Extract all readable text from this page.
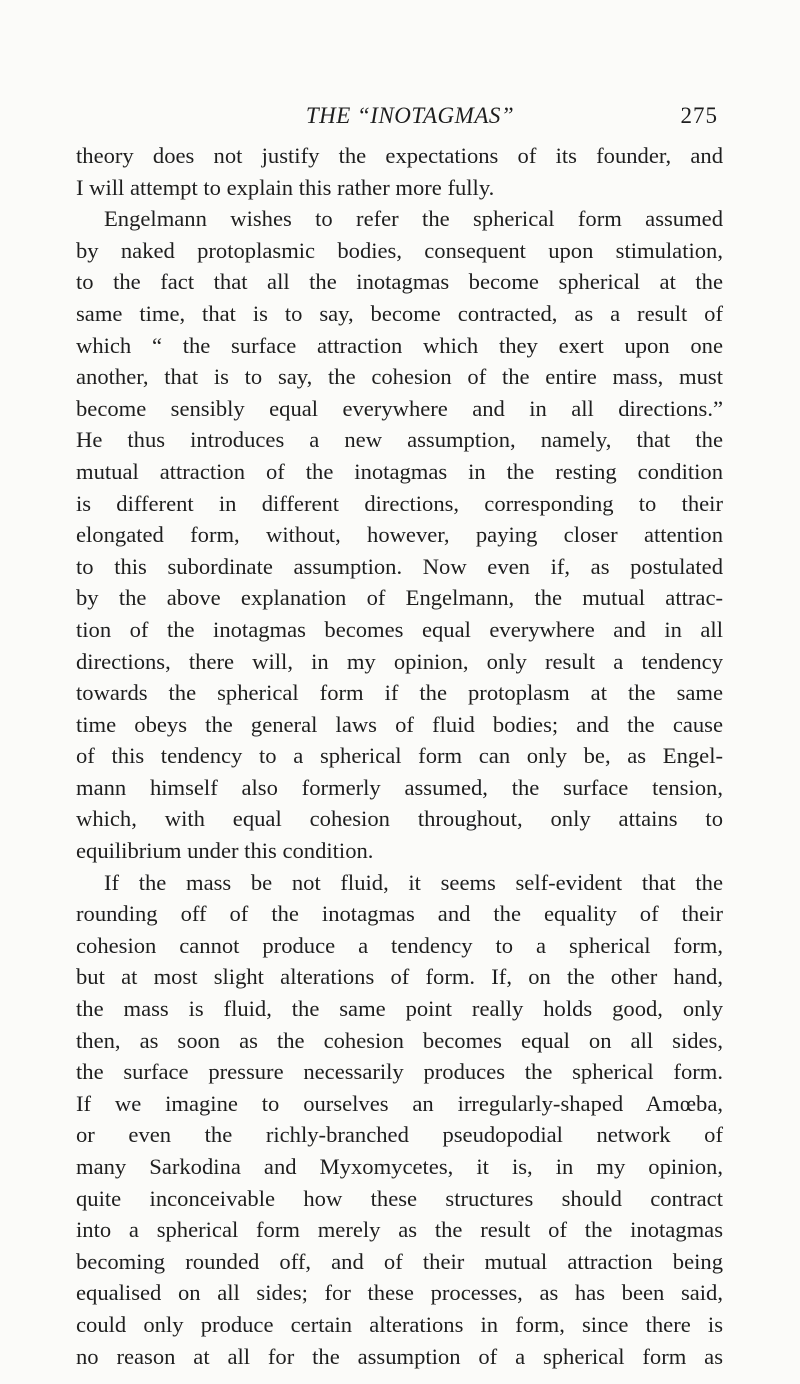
THE “INOTAGMAS”	275
theory does not justify the expectations of its founder, and
I will attempt to explain this rather more fully.
Engelmann wishes to refer the spherical form assumed
by naked protoplasmic bodies, consequent upon stimulation,
to the fact that all the inotagmas become spherical at the
same time, that is to say, become contracted, as a result of
which “ the surface attraction which they exert upon one
another, that is to say, the cohesion of the entire mass, must
become sensibly equal everywhere and in all directions.”
He thus introduces a new assumption, namely, that the
mutual attraction of the inotagmas in the resting condition
is different in different directions, corresponding to their
elongated form, without, however, paying closer attention
to this subordinate assumption. Now even if, as postulated
by the above explanation of Engelmann, the mutual attrac-
tion of the inotagmas becomes equal everywhere and in all
directions, there will, in my opinion, only result a tendency
towards the spherical form if the protoplasm at the same
time obeys the general laws of fluid bodies; and the cause
of this tendency to a spherical form can only be, as Engel-
mann himself also formerly assumed, the surface tension,
which, with equal cohesion throughout, only attains to
equilibrium under this condition.
If the mass be not fluid, it seems self-evident that the
rounding off of the inotagmas and the equality of their
cohesion cannot produce a tendency to a spherical form,
but at most slight alterations of form. If, on the other hand,
the mass is fluid, the same point really holds good, only
then, as soon as the cohesion becomes equal on all sides,
the surface pressure necessarily produces the spherical form.
If we imagine to ourselves an irregularly-shaped Amœba,
or even the richly-branched pseudopodial network of
many Sarkodina and Myxomycetes, it is, in my opinion,
quite inconceivable how these structures should contract
into a spherical form merely as the result of the inotagmas
becoming rounded off, and of their mutual attraction being
equalised on all sides; for these processes, as has been said,
could only produce certain alterations in form, since there is
no reason at all for the assumption of a spherical form as
